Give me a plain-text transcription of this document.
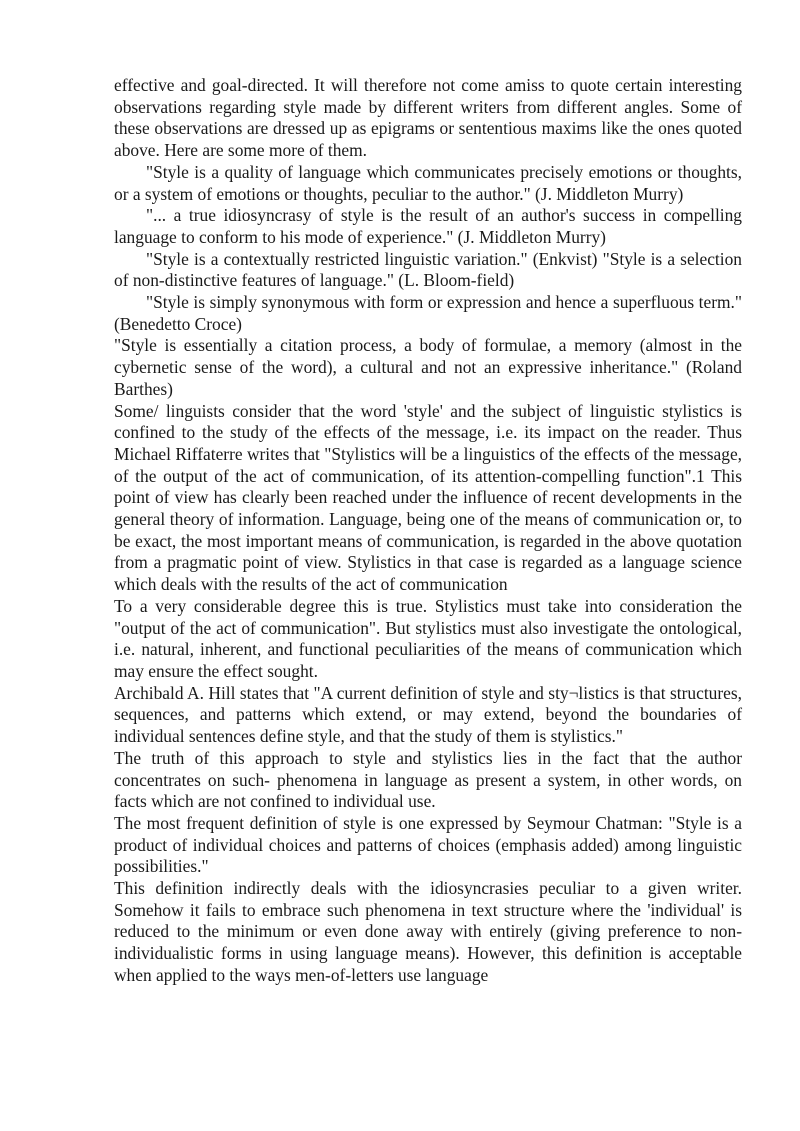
effective and goal-directed. It will therefore not come amiss to quote certain interesting observations regarding style made by different writers from different angles. Some of these observations are dressed up as epigrams or sententious maxims like the ones quoted above. Here are some more of them.

"Style is a quality of language which communicates precisely emotions or thoughts, or a system of emotions or thoughts, peculiar to the author." (J. Middleton Murry)

"... a true idiosyncrasy of style is the result of an author's success in compelling language to conform to his mode of experience." (J. Middleton Murry)

"Style is a contextually restricted linguistic variation." (Enkvist) "Style is a selection of non-distinctive features of language." (L. Bloom-field)

"Style is simply synonymous with form or expression and hence a superfluous term." (Benedetto Croce)

"Style is essentially a citation process, a body of formulae, a memory (almost in the cybernetic sense of the word), a cultural and not an expressive inheritance." (Roland Barthes)

Some/ linguists consider that the word 'style' and the subject of linguistic stylistics is confined to the study of the effects of the message, i.e. its impact on the reader. Thus Michael Riffaterre writes that "Stylistics will be a linguistics of the effects of the message, of the output of the act of communication, of its attention-compelling function".1 This point of view has clearly been reached under the influence of recent developments in the general theory of information. Language, being one of the means of communication or, to be exact, the most important means of communication, is regarded in the above quotation from a pragmatic point of view. Stylistics in that case is regarded as a language science which deals with the results of the act of communication

To a very considerable degree this is true. Stylistics must take into consideration the "output of the act of communication". But stylistics must also investigate the ontological, i.e. natural, inherent, and functional peculiarities of the means of communication which may ensure the effect sought.

Archibald A. Hill states that "A current definition of style and sty¬listics is that structures, sequences, and patterns which extend, or may extend, beyond the boundaries of individual sentences define style, and that the study of them is stylistics."

The truth of this approach to style and stylistics lies in the fact that the author concentrates on such- phenomena in language as present a system, in other words, on facts which are not confined to individual use.

The most frequent definition of style is one expressed by Seymour Chatman: "Style is a product of individual choices and patterns of choices (emphasis added) among linguistic possibilities."

This definition indirectly deals with the idiosyncrasies peculiar to a given writer. Somehow it fails to embrace such phenomena in text structure where the 'individual' is reduced to the minimum or even done away with entirely (giving preference to non-individualistic forms in using language means). However, this definition is acceptable when applied to the ways men-of-letters use language
